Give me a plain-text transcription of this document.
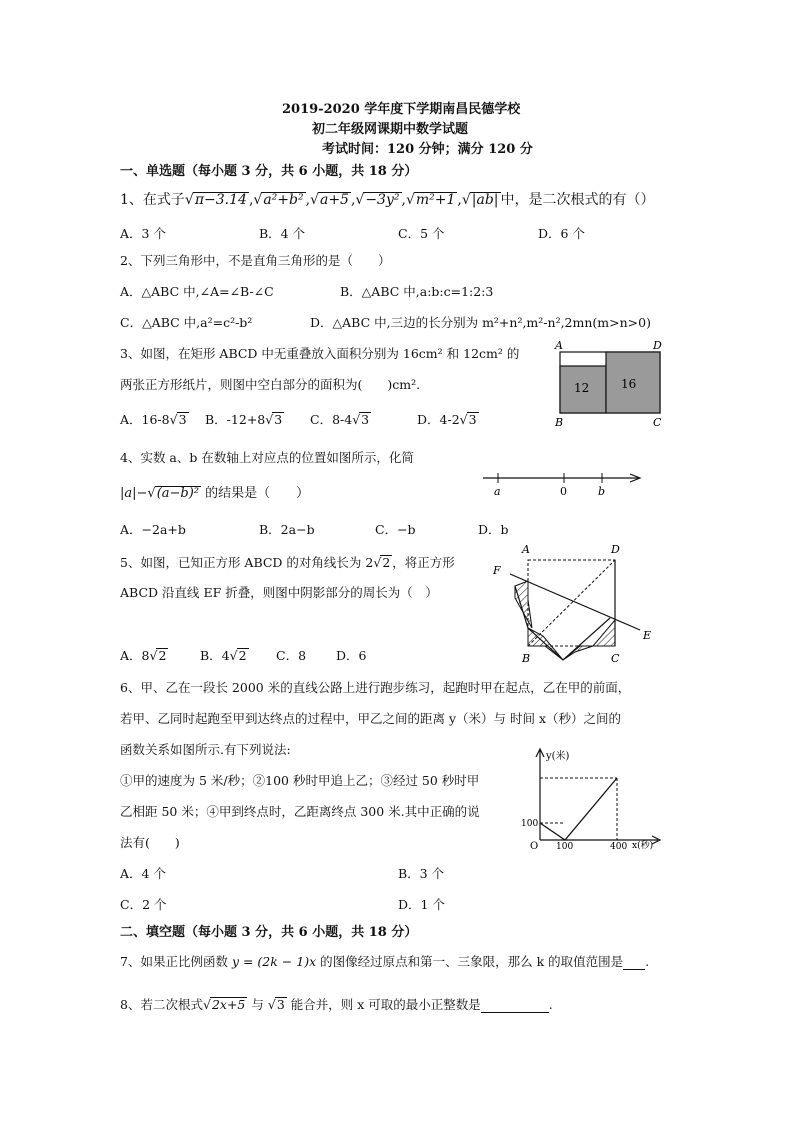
2019-2020 学年度下学期南昌民德学校
初二年级网课期中数学试题
考试时间：120 分钟；满分 120 分
一、单选题（每小题 3 分，共 6 小题，共 18 分）
1、在式子√π−3.14 ,√a²+b² ,√a+5 ,√−3y² ,√m²+1 ,√|ab| 中，是二次根式的有（）
A．3 个	B．4 个	C．5 个	D．6 个
2、下列三角形中，不是直角三角形的是（　　）
A．△ABC 中,∠A=∠B-∠C	B．△ABC 中,a:b:c=1:2:3
C．△ABC 中,a²=c²-b²	D．△ABC 中,三边的长分别为 m²+n²,m²-n²,2mn(m>n>0)
3、如图，在矩形 ABCD 中无重叠放入面积分别为 16cm² 和 12cm² 的
两张正方形纸片，则图中空白部分的面积为(　　)cm².
A．16-8√3 B．-12+8√3 C．8-4√3	D．4-2√3
A	D
B	C
12	16
4、实数 a、b 在数轴上对应点的位置如图所示，化简
|a|−√(a−b)² 的结果是（　　）
A．−2a+b	B．2a−b	C．−b	D．b
a	0	b
5、如图，已知正方形 ABCD 的对角线长为 2√2 ，将正方形
ABCD 沿直线 EF 折叠，则图中阴影部分的周长为（　）
A．8√2	B．4√2 C．8 D．6
A	D
F
E
B	C
6、甲、乙在一段长 2000 米的直线公路上进行跑步练习，起跑时甲在起点，乙在甲的前面，
若甲、乙同时起跑至甲到达终点的过程中，甲乙之间的距离 y（米）与 时间 x（秒）之间的
函数关系如图所示.有下列说法:
①甲的速度为 5 米/秒；②100 秒时甲追上乙；③经过 50 秒时甲
乙相距 50 米；④甲到终点时，乙距离终点 300 米.其中正确的说
法有(　　)
A．4 个	B．3 个
C．2 个	D．1 个
y(米)
x(秒)
O
100
100	400
二、填空题（每小题 3 分，共 6 小题，共 18 分）
7、如果正比例函数 y = (2k − 1)x 的图像经过原点和第一、三象限，那么 k 的取值范围是 .
8、若二次根式√2x+5 与 √3 能合并，则 x 可取的最小正整数是	.
